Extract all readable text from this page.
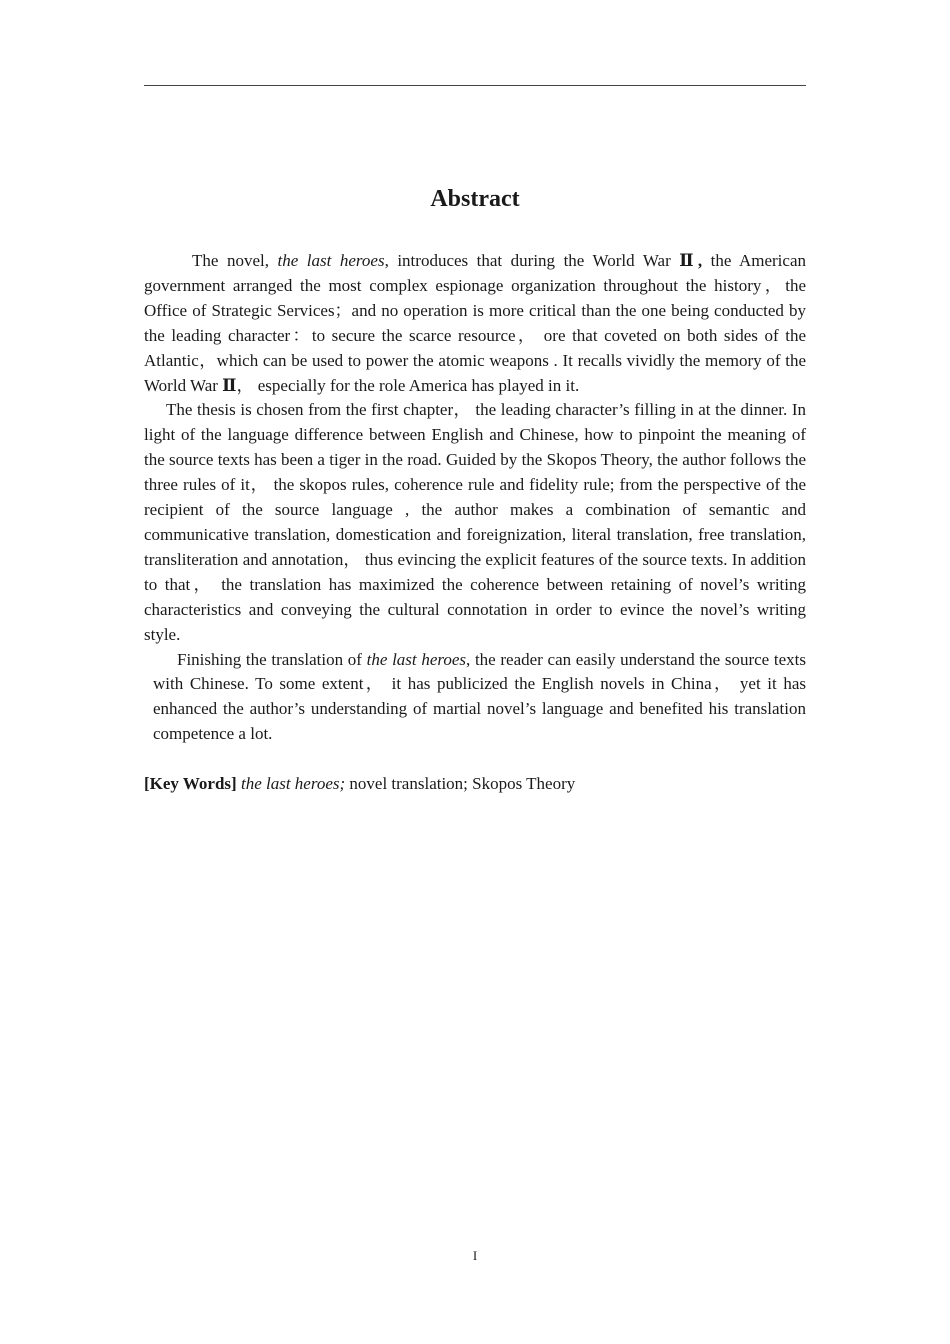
Abstract

The novel, the last heroes, introduces that during the World War Ⅱ, the American government arranged the most complex espionage organization throughout the history，the Office of Strategic Services；and no operation is more critical than the one being conducted by the leading character：to secure the scarce resource， ore that coveted on both sides of the Atlantic，which can be used to power the atomic weapons . It recalls vividly the memory of the World War Ⅱ， especially for the role America has played in it.

The thesis is chosen from the first chapter， the leading character’s filling in at the dinner. In light of the language difference between English and Chinese, how to pinpoint the meaning of the source texts has been a tiger in the road. Guided by the Skopos Theory, the author follows the three rules of it， the skopos rules, coherence rule and fidelity rule; from the perspective of the recipient of the source language , the author makes a combination of semantic and communicative translation, domestication and foreignization, literal translation, free translation, transliteration and annotation， thus evincing the explicit features of the source texts. In addition to that， the translation has maximized the coherence between retaining of novel’s writing characteristics and conveying the cultural connotation in order to evince the novel’s writing style.

Finishing the translation of the last heroes, the reader can easily understand the source texts with Chinese. To some extent， it has publicized the English novels in China， yet it has enhanced the author’s understanding of martial novel’s language and benefited his translation competence a lot.

[Key Words] the last heroes; novel translation; Skopos Theory

I
